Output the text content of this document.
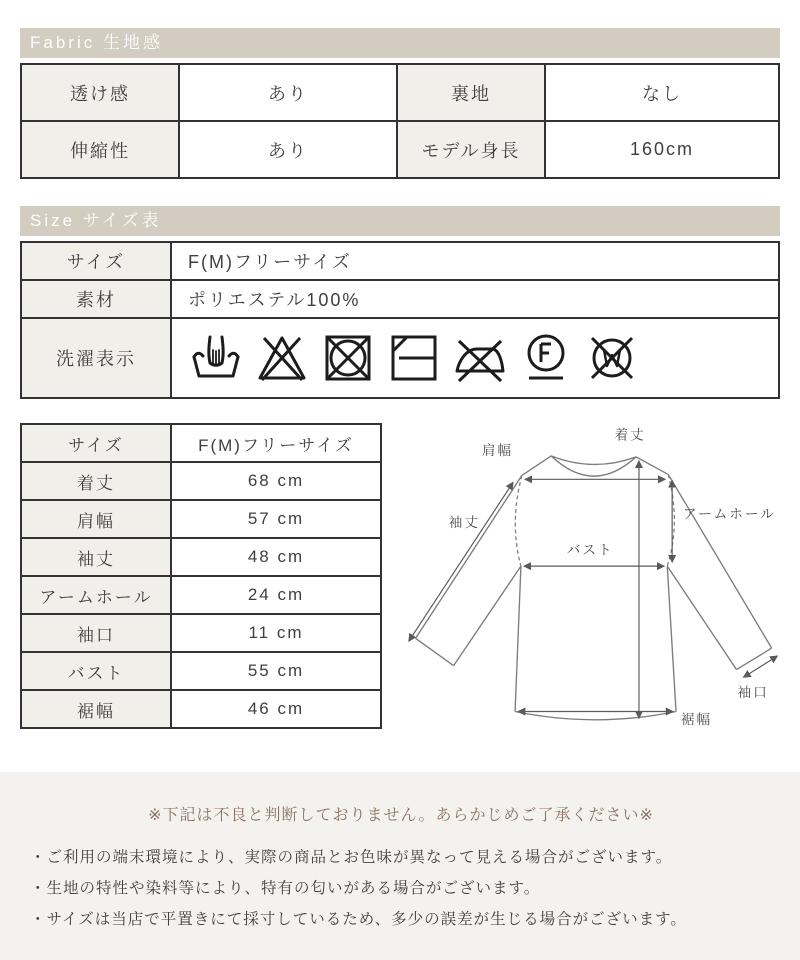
Fabric 生地感
透け感	あり	裏地	なし
伸縮性	あり	モデル身長	160cm
Size サイズ表
サイズ	F(M)フリーサイズ
素材	ポリエステル100%
洗濯表示	
サイズ	F(M)フリーサイズ
着丈	68 cm
肩幅	57 cm
袖丈	48 cm
アームホール	24 cm
袖口	11 cm
バスト	55 cm
裾幅	46 cm
着丈
肩幅
袖丈
アームホール
バスト
袖口
裾幅
※下記は不良と判断しておりません。あらかじめご了承ください※
・ご利用の端末環境により、実際の商品とお色味が異なって見える場合がございます。
・生地の特性や染料等により、特有の匂いがある場合がございます。
・サイズは当店で平置きにて採寸しているため、多少の誤差が生じる場合がございます。
